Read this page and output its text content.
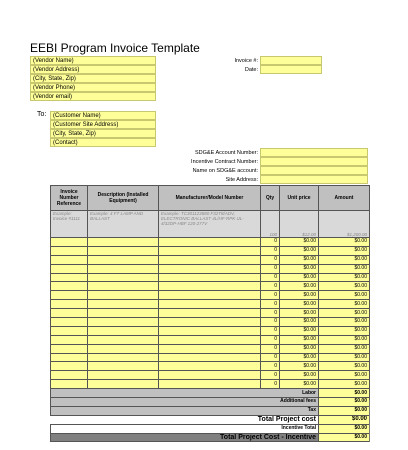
EEBI Program Invoice Template
(Vendor Name)
(Vendor Address)
(City, State, Zip)
(Vendor Phone)
(Vendor email)
Invoice #:
Date:
To:	(Customer Name)
(Customer Site Address)
(City, State, Zip)
(Contact)
SDG&E Account Number:
Incentive Contract Number:
Name on SDG&E account:
Site Address:
Invoice Number Reference	Description (Installed Equipment)	Manufacturer/Model Number	Qty	Unit price	Amount
Example: Invoice #1111	Example: 4 FT LAMP AND BALLAST	Example: TC301123880 F32T8/ADV, ELECTRONIC BALLAST 4L/HF-RPK UL-4/32DP-HBF 120-277V	100	$12.00	$1,200.00
			0	$0.00	$0.00
			0	$0.00	$0.00
			0	$0.00	$0.00
			0	$0.00	$0.00
			0	$0.00	$0.00
			0	$0.00	$0.00
			0	$0.00	$0.00
			0	$0.00	$0.00
			0	$0.00	$0.00
			0	$0.00	$0.00
			0	$0.00	$0.00
			0	$0.00	$0.00
			0	$0.00	$0.00
			0	$0.00	$0.00
			0	$0.00	$0.00
			0	$0.00	$0.00
			0	$0.00	$0.00
Labor					$0.00
Additional fees					$0.00
Tax					$0.00
Total Project cost					$0.00
Incentive Total					$0.00
Total Project Cost - Incentive					$0.00
